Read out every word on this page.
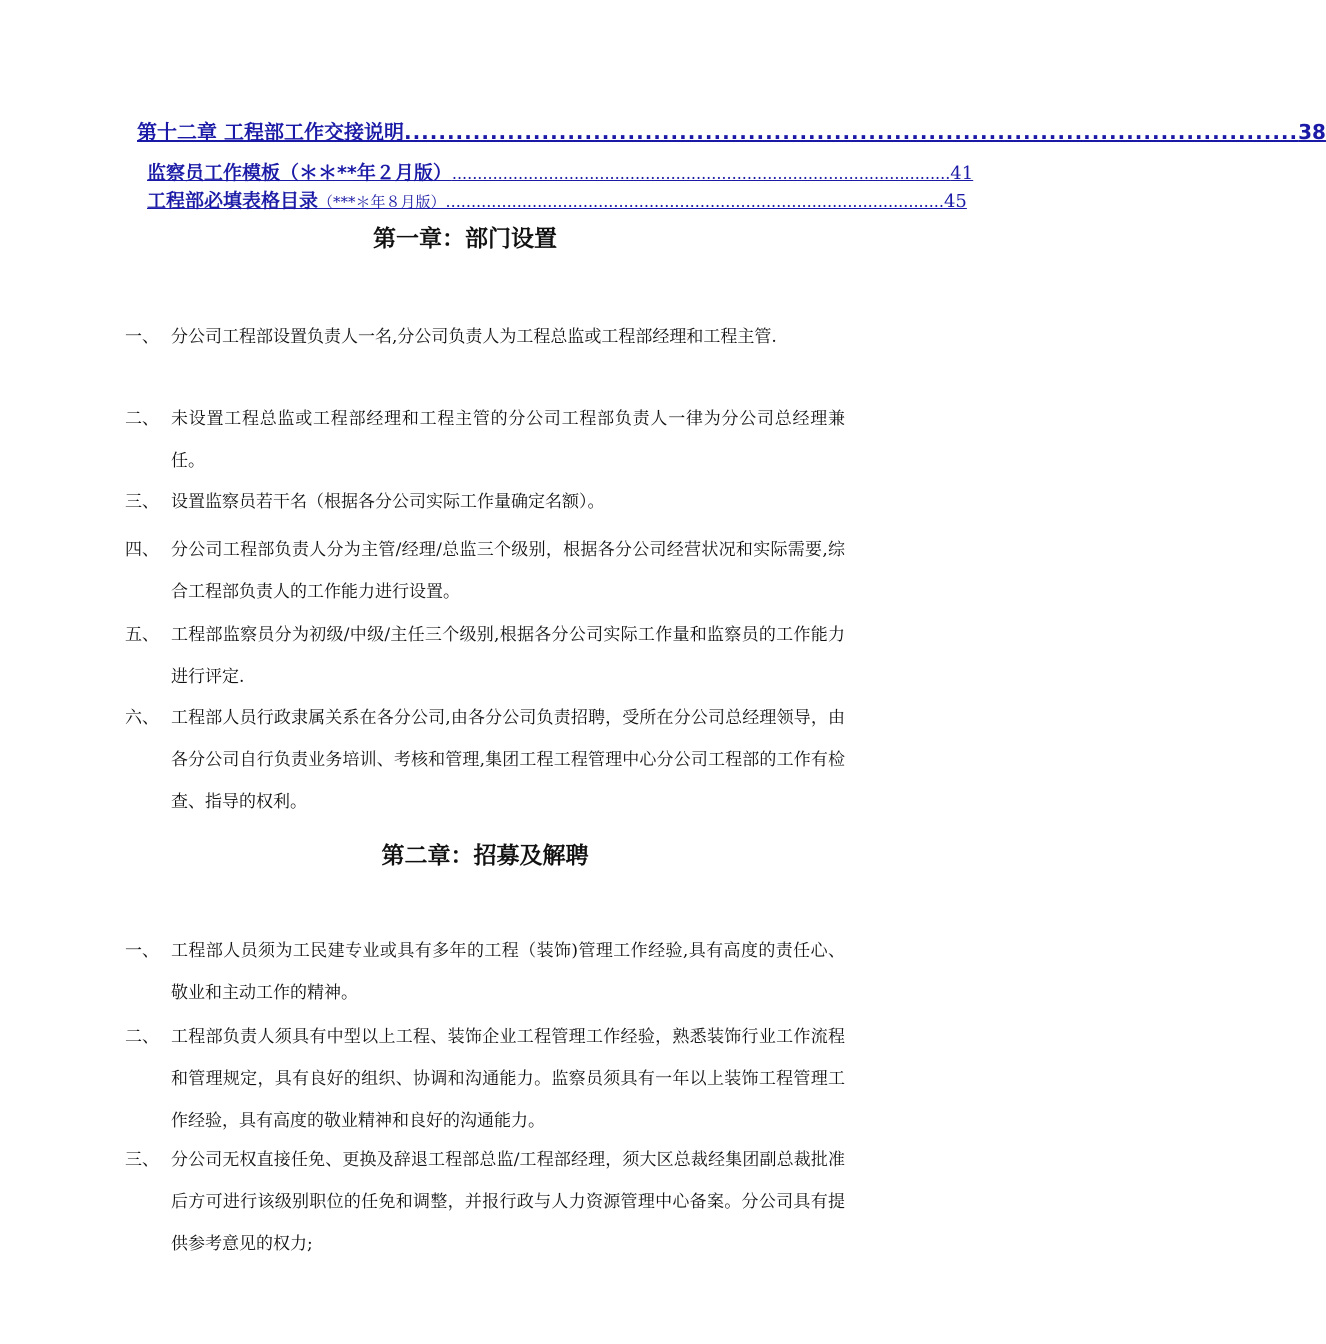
第十二章 工程部工作交接说明 ........................................................................................................ 38
监察员工作模板（＊＊**年２月版） .................................................................................................. 41
工程部必填表格目录 （***＊年８月版） .................................................................................................. 45
第一章：部门设置
一、 分公司工程部设置负责人一名,分公司负责人为工程总监或工程部经理和工程主管.
二、 未设置工程总监或工程部经理和工程主管的分公司工程部负责人一律为分公司总经理兼任。
三、 设置监察员若干名（根据各分公司实际工作量确定名额）。
四、 分公司工程部负责人分为主管/经理/总监三个级别，根据各分公司经营状况和实际需要,综合工程部负责人的工作能力进行设置。
五、 工程部监察员分为初级/中级/主任三个级别,根据各分公司实际工作量和监察员的工作能力进行评定.
六、 工程部人员行政隶属关系在各分公司,由各分公司负责招聘，受所在分公司总经理领导，由各分公司自行负责业务培训、考核和管理,集团工程工程管理中心分公司工程部的工作有检查、指导的权利。
第二章：招募及解聘
一、 工程部人员须为工民建专业或具有多年的工程（装饰)管理工作经验,具有高度的责任心、敬业和主动工作的精神。
二、 工程部负责人须具有中型以上工程、装饰企业工程管理工作经验，熟悉装饰行业工作流程和管理规定，具有良好的组织、协调和沟通能力。监察员须具有一年以上装饰工程管理工作经验，具有高度的敬业精神和良好的沟通能力。
三、 分公司无权直接任免、更换及辞退工程部总监/工程部经理，须大区总裁经集团副总裁批准后方可进行该级别职位的任免和调整，并报行政与人力资源管理中心备案。分公司具有提供参考意见的权力;
